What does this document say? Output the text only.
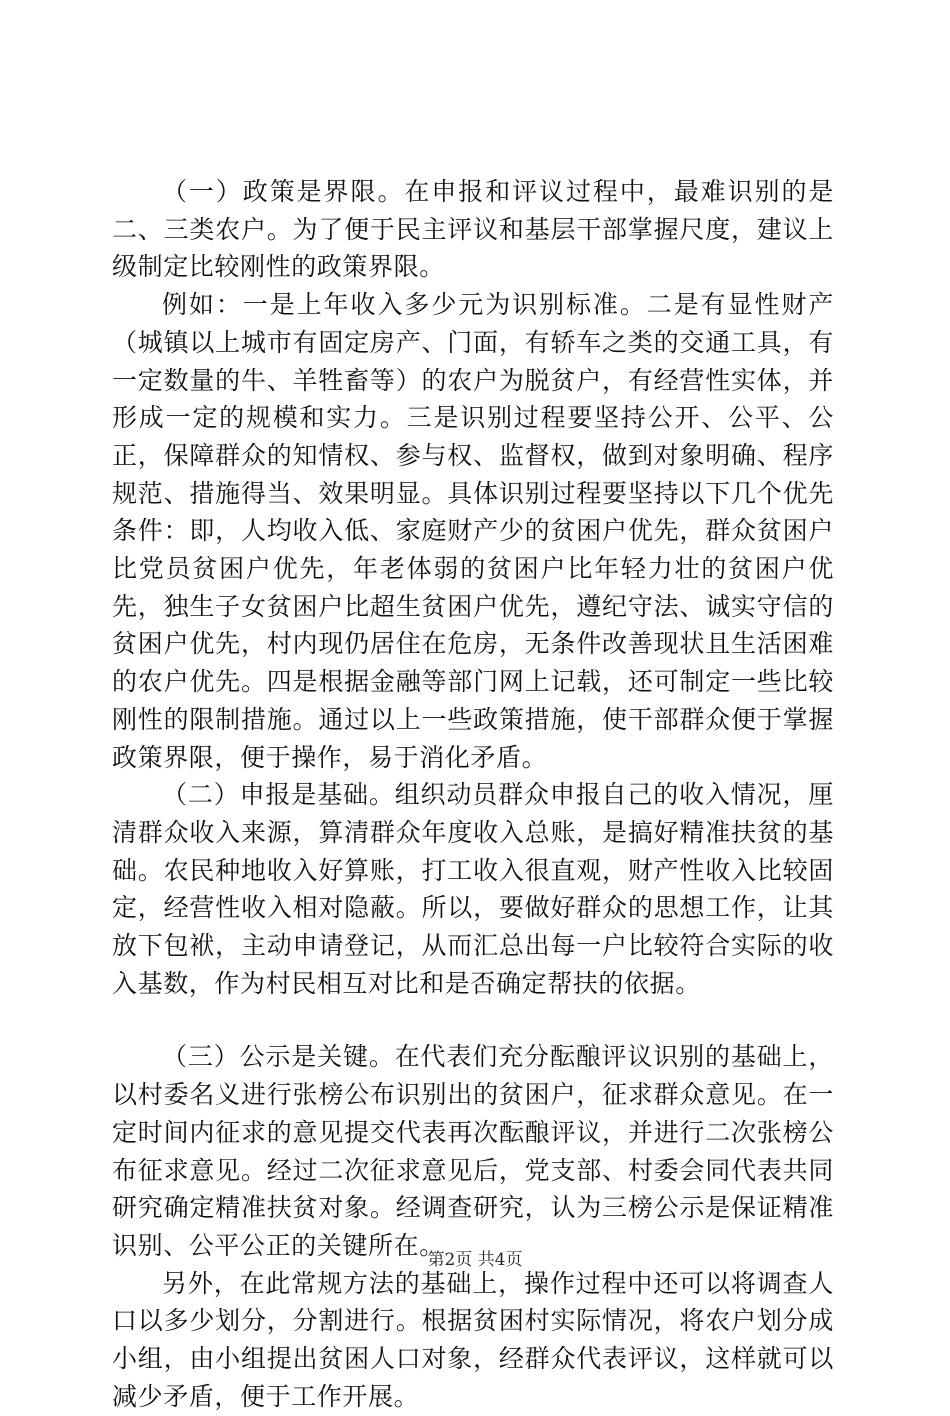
（一）政策是界限。在申报和评议过程中，最难识别的是二、三类农户。为了便于民主评议和基层干部掌握尺度，建议上级制定比较刚性的政策界限。

例如：一是上年收入多少元为识别标准。二是有显性财产（城镇以上城市有固定房产、门面，有轿车之类的交通工具，有一定数量的牛、羊牲畜等）的农户为脱贫户，有经营性实体，并形成一定的规模和实力。三是识别过程要坚持公开、公平、公正，保障群众的知情权、参与权、监督权，做到对象明确、程序规范、措施得当、效果明显。具体识别过程要坚持以下几个优先条件：即，人均收入低、家庭财产少的贫困户优先，群众贫困户比党员贫困户优先，年老体弱的贫困户比年轻力壮的贫困户优先，独生子女贫困户比超生贫困户优先，遵纪守法、诚实守信的贫困户优先，村内现仍居住在危房，无条件改善现状且生活困难的农户优先。四是根据金融等部门网上记载，还可制定一些比较刚性的限制措施。通过以上一些政策措施，使干部群众便于掌握政策界限，便于操作，易于消化矛盾。

（二）申报是基础。组织动员群众申报自己的收入情况，厘清群众收入来源，算清群众年度收入总账，是搞好精准扶贫的基础。农民种地收入好算账，打工收入很直观，财产性收入比较固定，经营性收入相对隐蔽。所以，要做好群众的思想工作，让其放下包袱，主动申请登记，从而汇总出每一户比较符合实际的收入基数，作为村民相互对比和是否确定帮扶的依据。

（三）公示是关键。在代表们充分酝酿评议识别的基础上，以村委名义进行张榜公布识别出的贫困户，征求群众意见。在一定时间内征求的意见提交代表再次酝酿评议，并进行二次张榜公布征求意见。经过二次征求意见后，党支部、村委会同代表共同研究确定精准扶贫对象。经调查研究，认为三榜公示是保证精准识别、公平公正的关键所在。

另外，在此常规方法的基础上，操作过程中还可以将调查人口以多少划分，分割进行。根据贫困村实际情况，将农户划分成小组，由小组提出贫困人口对象，经群众代表评议，这样就可以减少矛盾，便于工作开展。

第2页 共4页
